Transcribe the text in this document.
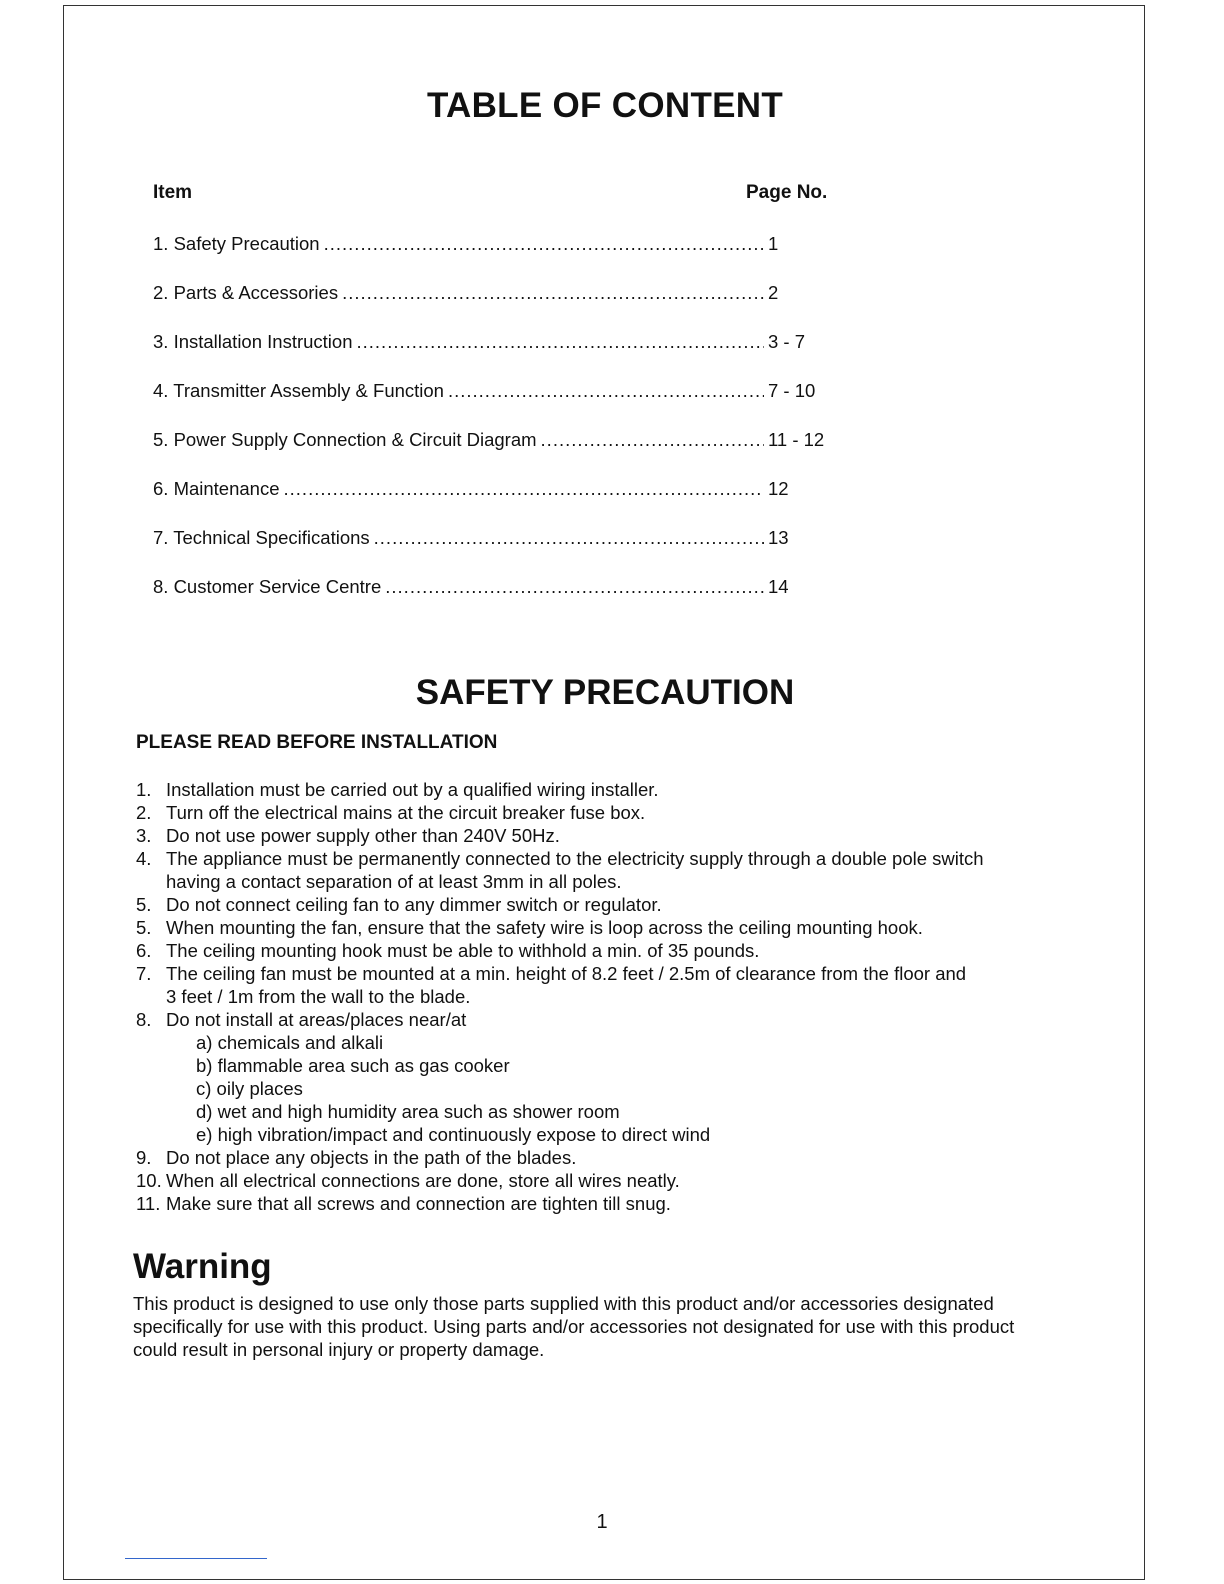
TABLE OF CONTENT
Item	Page No.
1. Safety Precaution .....	1
2. Parts & Accessories .....	2
3. Installation Instruction .....	3 - 7
4. Transmitter Assembly & Function .....	7 - 10
5. Power Supply Connection & Circuit Diagram .....	11 - 12
6. Maintenance .....	12
7. Technical Specifications .....	13
8. Customer Service Centre .....	14
SAFETY PRECAUTION
PLEASE READ BEFORE INSTALLATION
1. Installation must be carried out by a qualified wiring installer.
2. Turn off the electrical mains at the circuit breaker fuse box.
3. Do not use power supply other than 240V 50Hz.
4. The appliance must be permanently connected to the electricity supply through a double pole switch
having a contact separation of at least 3mm in all poles.
5. Do not connect ceiling fan to any dimmer switch or regulator.
5. When mounting the fan, ensure that the safety wire is loop across the ceiling mounting hook.
6. The ceiling mounting hook must be able to withhold a min. of 35 pounds.
7. The ceiling fan must be mounted at a min. height of 8.2 feet / 2.5m of clearance from the floor and
3 feet / 1m from the wall to the blade.
8. Do not install at areas/places near/at
a) chemicals and alkali
b) flammable area such as gas cooker
c) oily places
d) wet and high humidity area such as shower room
e) high vibration/impact and continuously expose to direct wind
9. Do not place any objects in the path of the blades.
10. When all electrical connections are done, store all wires neatly.
11. Make sure that all screws and connection are tighten till snug.
Warning
This product is designed to use only those parts supplied with this product and/or accessories designated specifically for use with this product. Using parts and/or accessories not designated for use with this product could result in personal injury or property damage.
1
